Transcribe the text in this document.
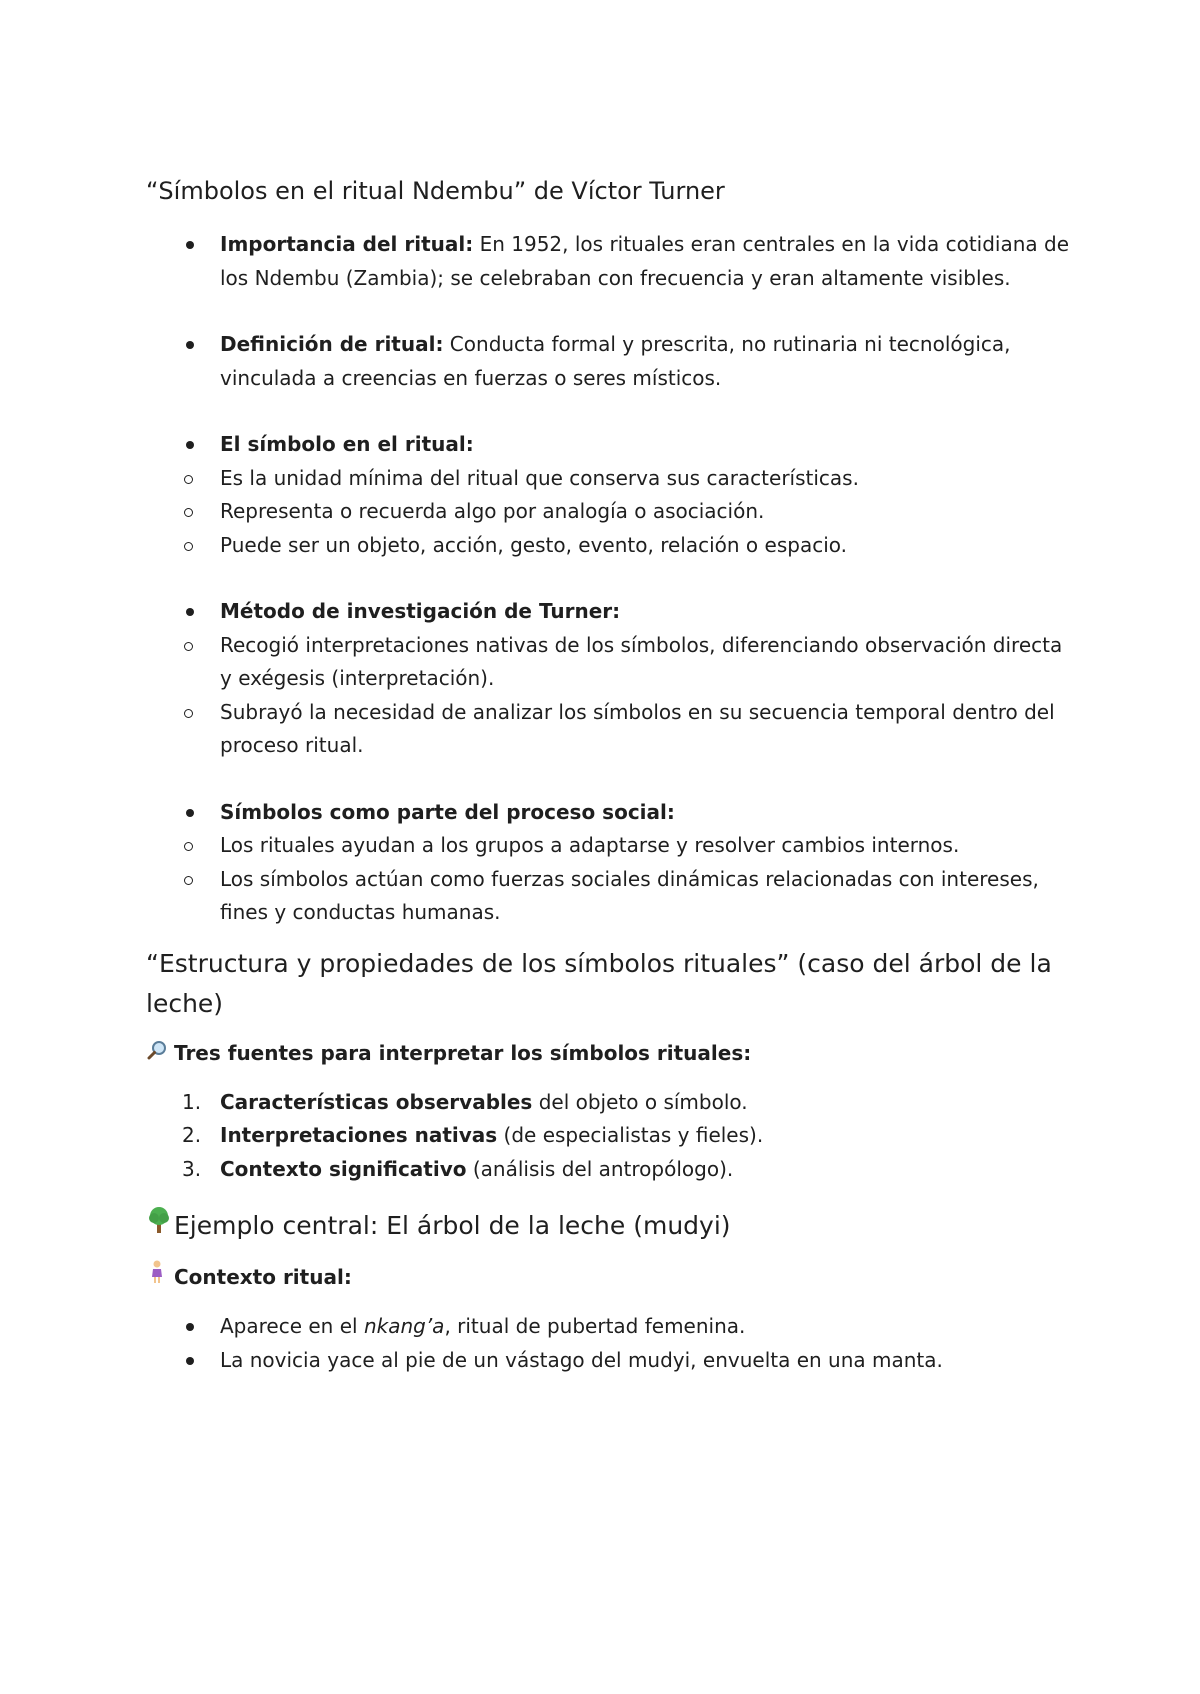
“Símbolos en el ritual Ndembu” de Víctor Turner
Importancia del ritual: En 1952, los rituales eran centrales en la vida cotidiana de los Ndembu (Zambia); se celebraban con frecuencia y eran altamente visibles.
Definición de ritual: Conducta formal y prescrita, no rutinaria ni tecnológica, vinculada a creencias en fuerzas o seres místicos.
El símbolo en el ritual:
Es la unidad mínima del ritual que conserva sus características.
Representa o recuerda algo por analogía o asociación.
Puede ser un objeto, acción, gesto, evento, relación o espacio.
Método de investigación de Turner:
Recogió interpretaciones nativas de los símbolos, diferenciando observación directa y exégesis (interpretación).
Subrayó la necesidad de analizar los símbolos en su secuencia temporal dentro del proceso ritual.
Símbolos como parte del proceso social:
Los rituales ayudan a los grupos a adaptarse y resolver cambios internos.
Los símbolos actúan como fuerzas sociales dinámicas relacionadas con intereses, fines y conductas humanas.
“Estructura y propiedades de los símbolos rituales” (caso del árbol de la leche)
Tres fuentes para interpretar los símbolos rituales:
1. Características observables del objeto o símbolo.
2. Interpretaciones nativas (de especialistas y fieles).
3. Contexto significativo (análisis del antropólogo).
Ejemplo central: El árbol de la leche (mudyi)
Contexto ritual:
Aparece en el nkang’a, ritual de pubertad femenina.
La novicia yace al pie de un vástago del mudyi, envuelta en una manta.
